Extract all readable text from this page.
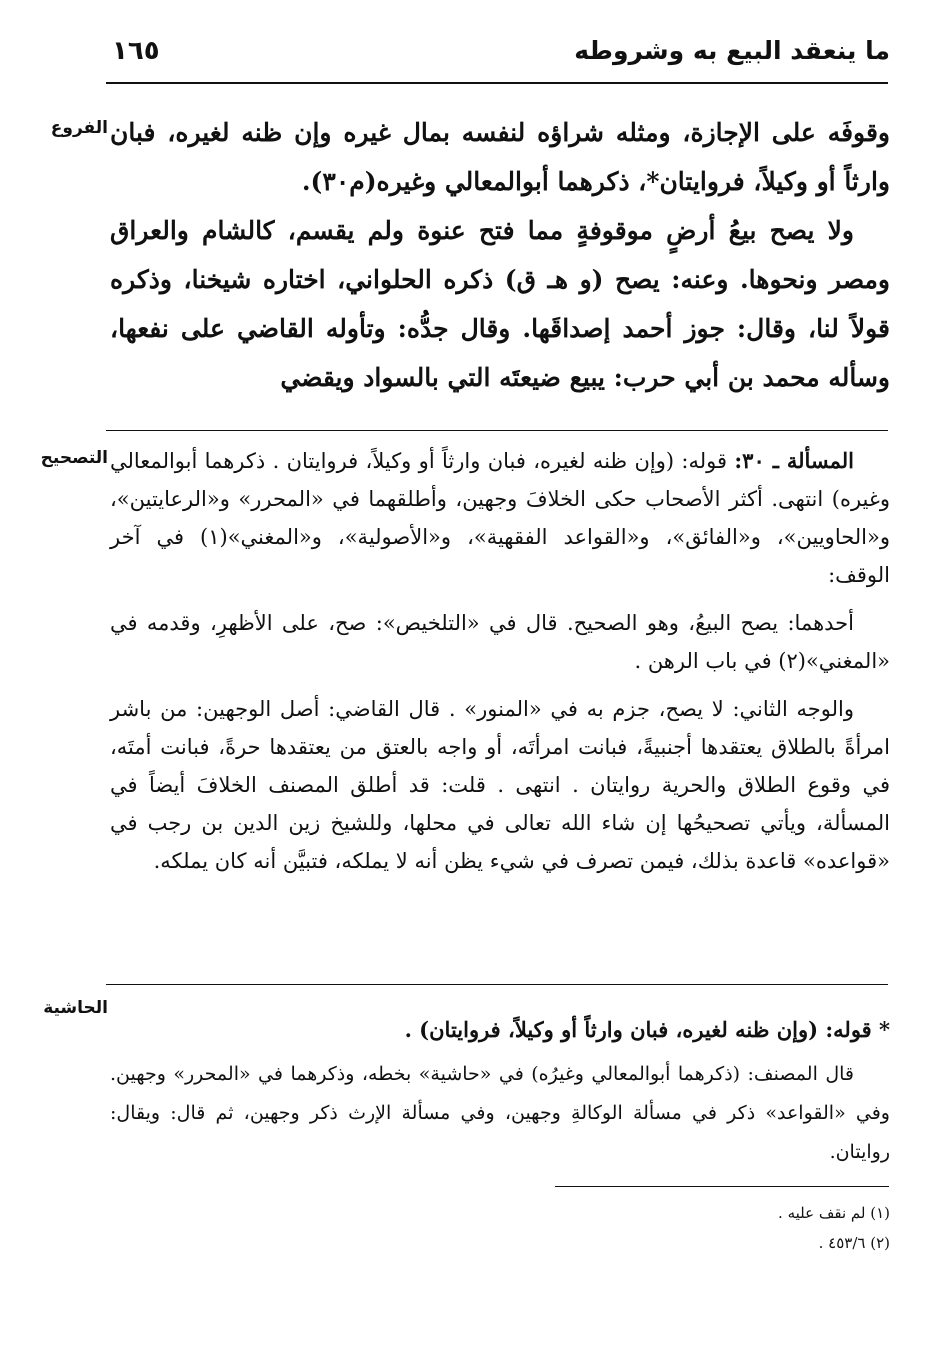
١٦٥	ما ينعقد البيع به وشروطه
الفروع وقوفَه على الإجازة، ومثله شراؤه لنفسه بمال غيره وإن ظنه لغيره، فبان وارثاً أو وكيلاً، فروايتان*، ذكرهما أبوالمعالي وغيره(م٣٠).

ولا يصح بيعُ أرضٍ موقوفةٍ مما فتح عنوة ولم يقسم، كالشام والعراق ومصر ونحوها. وعنه: يصح (و هـ ق) ذكره الحلواني، اختاره شيخنا، وذكره قولاً لنا، وقال: جوز أحمد إصداقَها. وقال جدُّه: وتأوله القاضي على نفعها، وسأله محمد بن أبي حرب: يبيع ضيعتَه التي بالسواد ويقضي

التصحيح	المسألة ـ ٣٠: قوله: (وإن ظنه لغيره، فبان وارثاً أو وكيلاً، فروايتان . ذكرهما أبوالمعالي وغيره) انتهى. أكثر الأصحاب حكى الخلافَ وجهين، وأطلقهما في «المحرر» و«الرعايتين»، و«الحاويين»، و«الفائق»، و«القواعد الفقهية»، و«الأصولية»، و«المغني»(١) في آخر الوقف:

أحدهما: يصح البيعُ، وهو الصحيح. قال في «التلخيص»: صح، على الأظهرِ، وقدمه في «المغني»(٢) في باب الرهن .

والوجه الثاني: لا يصح، جزم به في «المنور» . قال القاضي: أصل الوجهين: من باشر امرأةً بالطلاق يعتقدها أجنبيةً، فبانت امرأتَه، أو واجه بالعتق من يعتقدها حرةً، فبانت أمتَه، في وقوع الطلاق والحرية روايتان . انتهى . قلت: قد أطلق المصنف الخلافَ أيضاً في المسألة، ويأتي تصحيحُها إن شاء الله تعالى في محلها، وللشيخ زين الدين بن رجب في «قواعده» قاعدة بذلك، فيمن تصرف في شيء يظن أنه لا يملكه، فتبيَّن أنه كان يملكه.

الحاشية

* قوله: (وإن ظنه لغيره، فبان وارثاً أو وكيلاً، فروايتان) .

قال المصنف: (ذكرهما أبوالمعالي وغيرُه) في «حاشية» بخطه، وذكرهما في «المحرر» وجهين. وفي «القواعد» ذكر في مسألة الوكالةِ وجهين، وفي مسألة الإرث ذكر وجهين، ثم قال: ويقال: روايتان.

(١) لم نقف عليه .
(٢) ٤٥٣/٦ .
